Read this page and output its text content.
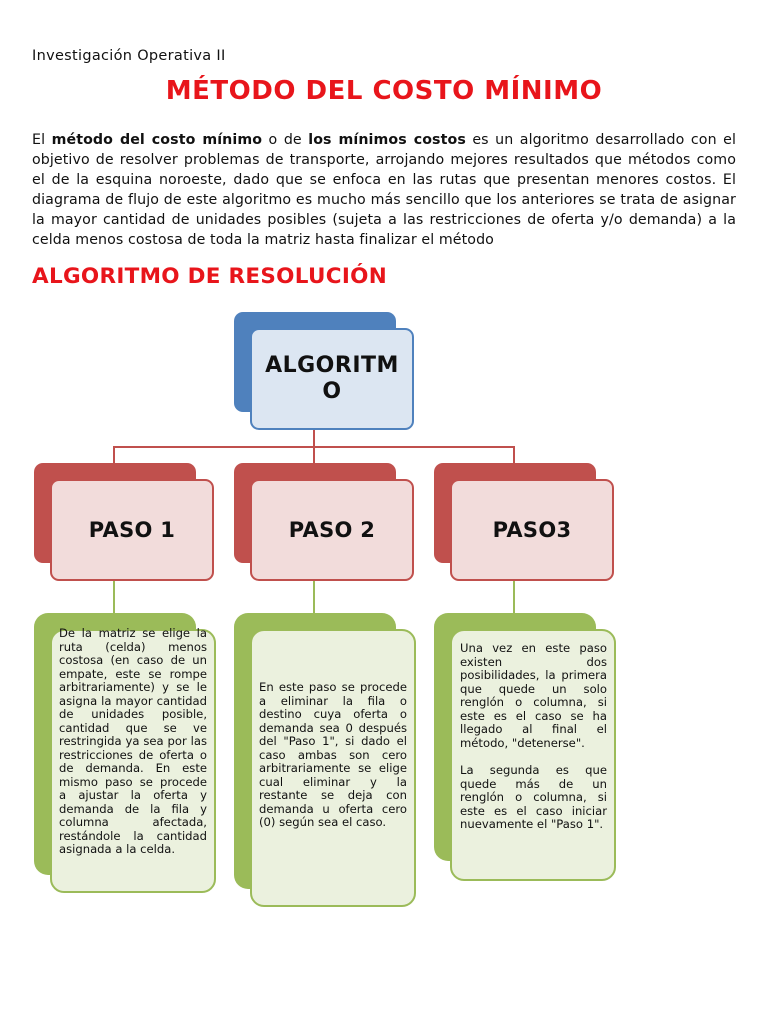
Investigación Operativa II
MÉTODO DEL COSTO MÍNIMO
El método del costo mínimo o de los mínimos costos es un algoritmo desarrollado con el objetivo de resolver problemas de transporte, arrojando mejores resultados que métodos como el de la esquina noroeste, dado que se enfoca en las rutas que presentan menores costos. El diagrama de flujo de este algoritmo es mucho más sencillo que los anteriores se trata de asignar la mayor cantidad de unidades posibles (sujeta a las restricciones de oferta y/o demanda) a la celda menos costosa de toda la matriz hasta finalizar el método
ALGORITMO DE RESOLUCIÓN
ALGORITMO
PASO 1	PASO 2	PASO3

De la matriz se elige la ruta (celda) menos costosa (en caso de un empate, este se rompe arbitrariamente) y se le asigna la mayor cantidad de unidades posible, cantidad que se ve restringida ya sea por las restricciones de oferta o de demanda. En este mismo paso se procede a ajustar la oferta y demanda de la fila y columna afectada, restándole la cantidad asignada a la celda.

En este paso se procede a eliminar la fila o destino cuya oferta o demanda sea 0 después del "Paso 1", si dado el caso ambas son cero arbitrariamente se elige cual eliminar y la restante se deja con demanda u oferta cero (0) según sea el caso.

Una vez en este paso existen dos posibilidades, la primera que quede un solo renglón o columna, si este es el caso se ha llegado al final el método, "detenerse".

La segunda es que quede más de un renglón o columna, si este es el caso iniciar nuevamente el "Paso 1".
